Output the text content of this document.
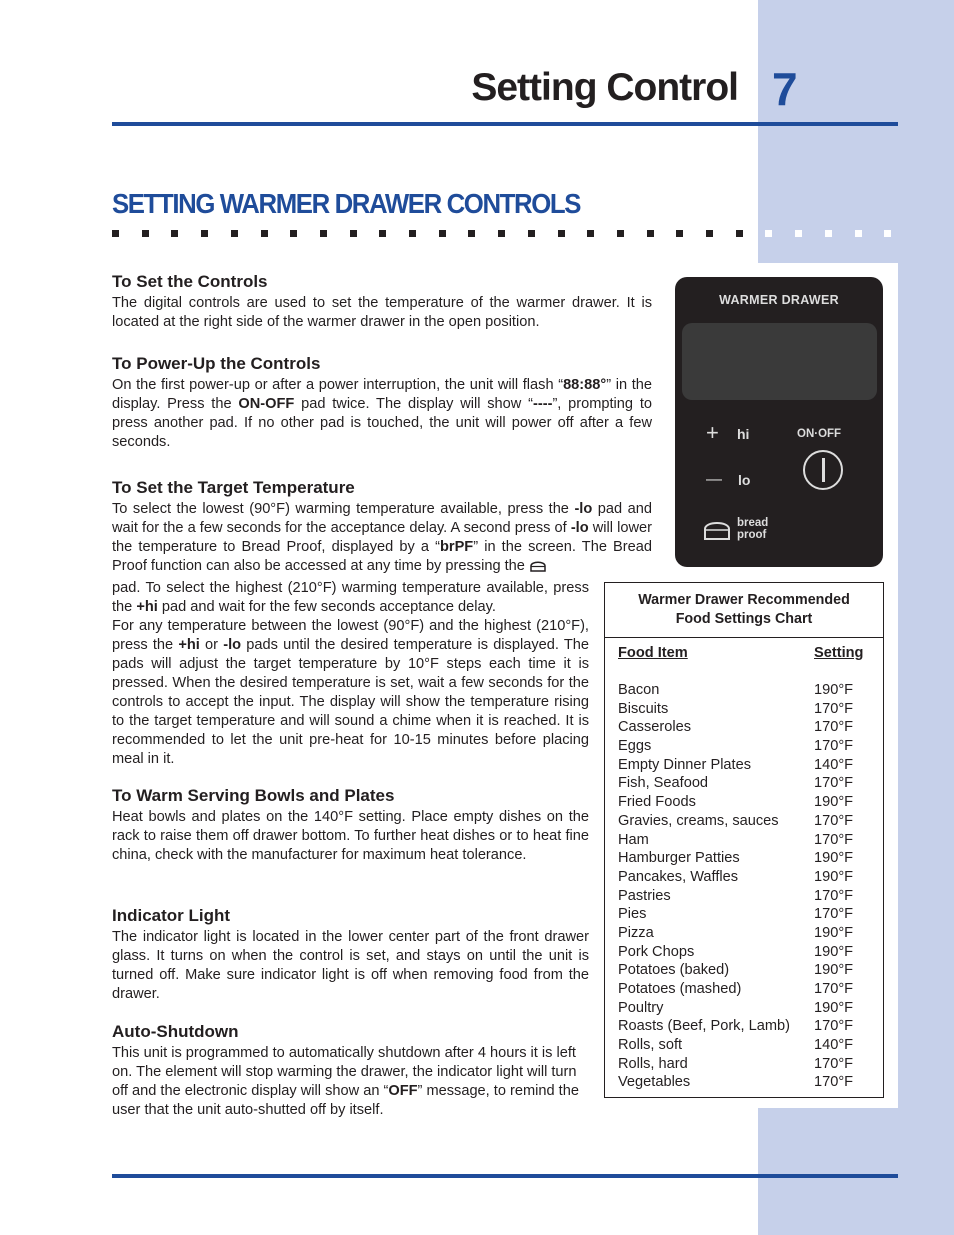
Setting Control 7
SETTING WARMER DRAWER CONTROLS
To Set the Controls

The digital controls are used to set the temperature of the warmer drawer. It is located at the right side of the warmer drawer in the open position.

To Power-Up the Controls

On the first power-up or after a power interruption, the unit will flash “88:88°” in the display. Press the ON-OFF pad twice. The display will show “----”, prompting to press another pad. If no other pad is touched, the unit will power off after a few seconds.

To Set the Target Temperature

To select the lowest (90°F) warming temperature available, press the -lo pad and wait for the a few seconds for the acceptance delay. A second press of -lo will lower the temperature to Bread Proof, displayed by a “brPF” in the screen. The Bread Proof function can also be accessed at any time by pressing the

pad. To select the highest (210°F) warming temperature available, press the +hi pad and wait for the few seconds acceptance delay.

For any temperature between the lowest (90°F) and the highest (210°F), press the +hi or -lo pads until the desired temperature is displayed. The pads will adjust the target temperature by 10°F steps each time it is pressed. When the desired temperature is set, wait a few seconds for the controls to accept the input. The display will show the temperature rising to the target temperature and will sound a chime when it is reached. It is recommended to let the unit pre-heat for 10-15 minutes before placing meal in it.

To Warm Serving Bowls and Plates

Heat bowls and plates on the 140°F setting. Place empty dishes on the rack to raise them off drawer bottom. To further heat dishes or to heat fine china, check with the manufacturer for maximum heat tolerance.

Indicator Light

The indicator light is located in the lower center part of the front drawer glass. It turns on when the control is set, and stays on until the unit is turned off. Make sure indicator light is off when removing food from the drawer.

Auto-Shutdown

This unit is programmed to automatically shutdown after 4 hours it is left on. The element will stop warming the drawer, the indicator light will turn off and the electronic display will show an “OFF” message, to remind the user that the unit auto-shutted off by itself.

WARMER DRAWER
+ hi	ON·OFF
— lo
bread
proof
Warmer Drawer Recommended
Food Settings Chart
Food Item	Setting
Bacon	190°F
Biscuits	170°F
Casseroles	170°F
Eggs	170°F
Empty Dinner Plates	140°F
Fish, Seafood	170°F
Fried Foods	190°F
Gravies, creams, sauces 170°F
Ham	170°F
Hamburger Patties	190°F
Pancakes, Waffles	190°F
Pastries	170°F
Pies	170°F
Pizza	190°F
Pork Chops	190°F
Potatoes (baked)	190°F
Potatoes (mashed)	170°F
Poultry	190°F
Roasts (Beef, Pork, Lamb) 170°F
Rolls, soft	140°F
Rolls, hard	170°F
Vegetables	170°F
